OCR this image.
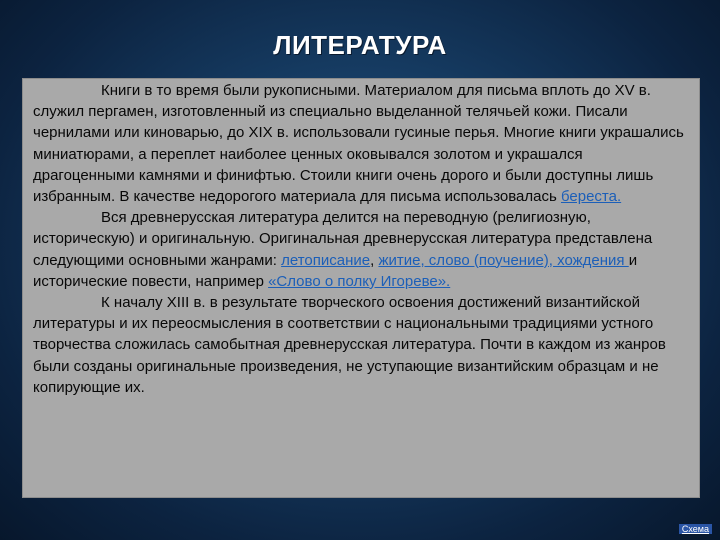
ЛИТЕРАТУРА

Книги в то время были рукописными. Материалом для письма вплоть до XV в. служил пергамен, изготовленный из специально выделанной телячьей кожи. Писали чернилами или киноварью, до XIX в. использовали гусиные перья. Многие книги украшались миниатюрами, а переплет наиболее ценных оковывался золотом и украшался драгоценными камнями и финифтью. Стоили книги очень дорого и были доступны лишь избранным. В качестве недорогого материала для письма использовалась береста.

Вся древнерусская литература делится на переводную (религиозную, историческую) и оригинальную. Оригинальная древнерусская литература представлена следующими основными жанрами: летописание, житие, слово (поучение), хождения и исторические повести, например «Слово о полку Игореве».

К началу XIII в. в результате творческого освоения достижений византийской литературы и их переосмысления в соответствии с национальными традициями устного творчества сложилась самобытная древнерусская литература. Почти в каждом из жанров были созданы оригинальные произведения, не уступающие византийским образцам и не копирующие их.

Схема
